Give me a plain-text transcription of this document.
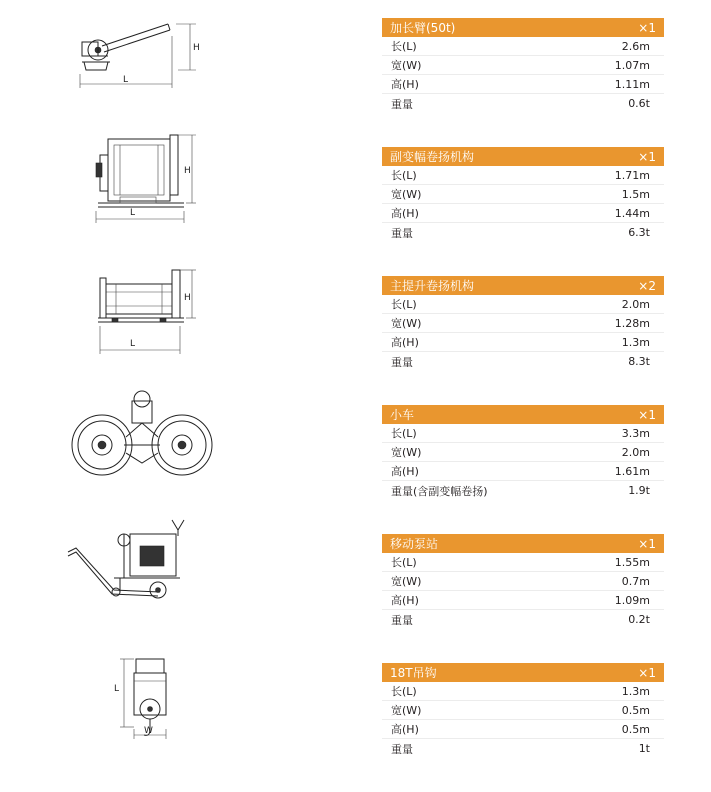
H
L
加长臂(50t)	×1
长(L)	2.6m
宽(W)	1.07m
高(H)	1.11m
重量	0.6t
H
L
副变幅卷扬机构	×1
长(L)	1.71m
宽(W)	1.5m
高(H)	1.44m
重量	6.3t
H
L
主提升卷扬机构	×2
长(L)	2.0m
宽(W)	1.28m
高(H)	1.3m
重量	8.3t
小车	×1
长(L)	3.3m
宽(W)	2.0m
高(H)	1.61m
重量(含副变幅卷扬)	1.9t
移动泵站	×1
长(L)	1.55m
宽(W)	0.7m
高(H)	1.09m
重量	0.2t
L
W
18T吊钩	×1
长(L)	1.3m
宽(W)	0.5m
高(H)	0.5m
重量	1t
